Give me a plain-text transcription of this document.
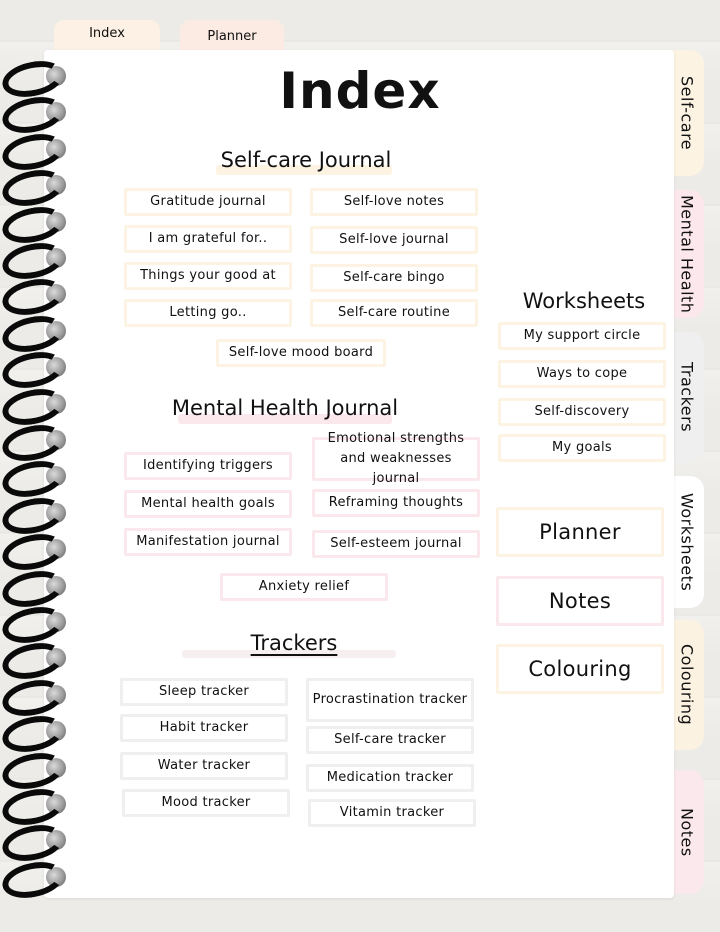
Index	Planner
Self-care
Mental Health
Trackers
Worksheets
Colouring
Notes
Index
Self-care Journal
Gratitude journal	Self-love notes
I am grateful for..	Self-love journal
Things your good at	Self-care bingo
Letting go..	Self-care routine
Self-love mood board
Mental Health Journal
Identifying triggers
Emotional strengths and weaknesses journal
Mental health goals	Reframing thoughts
Manifestation journal	Self-esteem journal
Anxiety relief
Trackers
Sleep tracker
Procrastination tracker
Habit tracker
Self-care tracker
Water tracker
Medication tracker
Mood tracker
Vitamin tracker
Worksheets
My support circle
Ways to cope
Self-discovery
My goals
Planner
Notes
Colouring
